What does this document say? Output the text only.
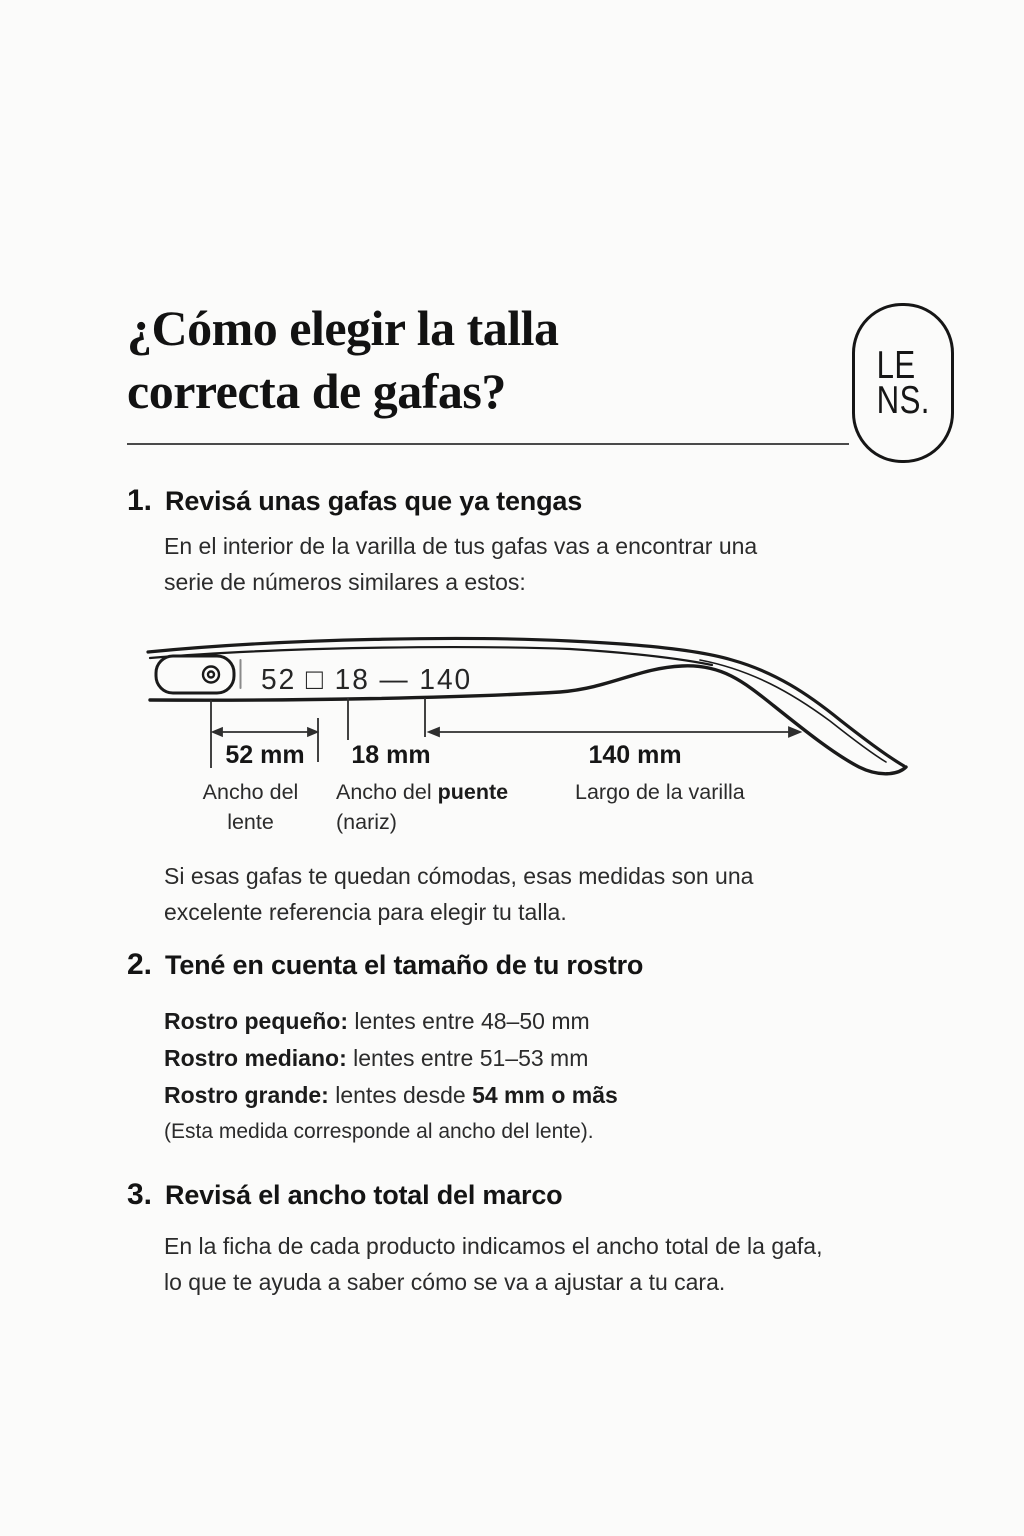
¿Cómo elegir la talla
correcta de gafas?	LE
NS.
1. Revisá unas gafas que ya tengas
En el interior de la varilla de tus gafas vas a encontrar una
serie de números similares a estos:
52 □ 18 — 140
52 mm	18 mm	140 mm
Ancho del
lente
Ancho del puente
(nariz)
Largo de la varilla
Si esas gafas te quedan cómodas, esas medidas son una
excelente referencia para elegir tu talla.
2. Tené en cuenta el tamaño de tu rostro
Rostro pequeño: lentes entre 48–50 mm
Rostro mediano: lentes entre 51–53 mm
Rostro grande: lentes desde 54 mm o mãs
(Esta medida corresponde al ancho del lente).
3. Revisá el ancho total del marco
En la ficha de cada producto indicamos el ancho total de la gafa,
lo que te ayuda a saber cómo se va a ajustar a tu cara.
